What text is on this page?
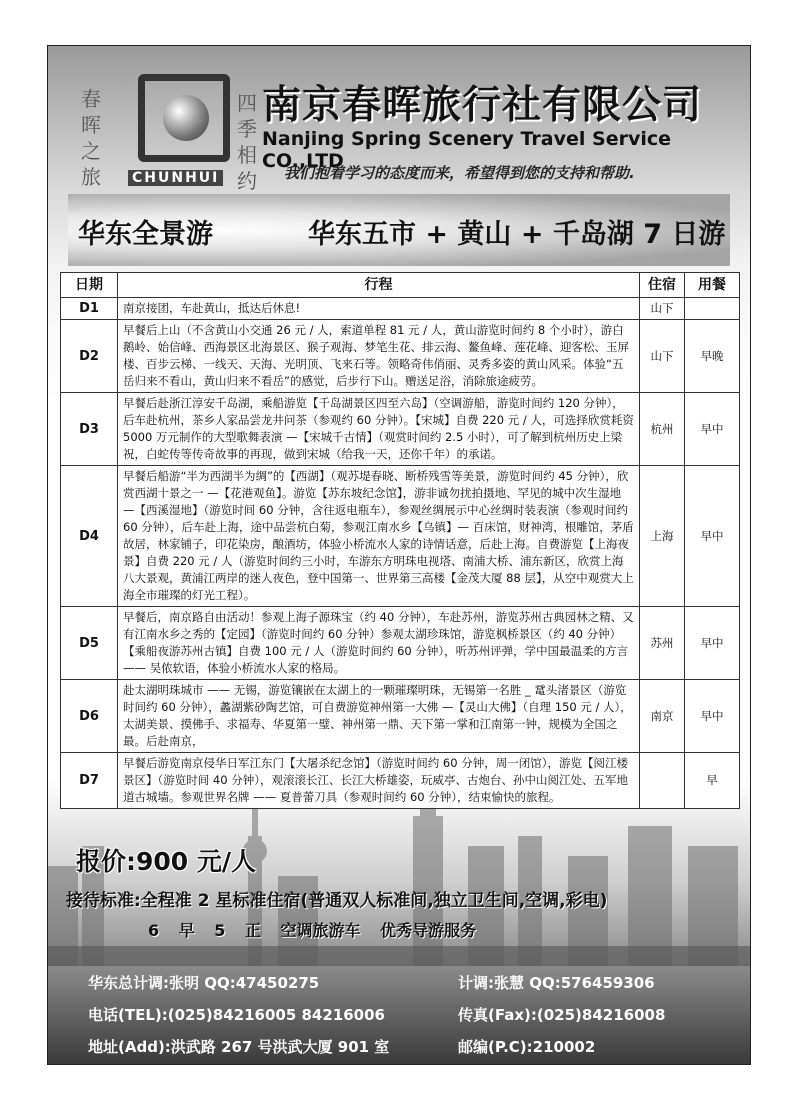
春
晖
之
旅
四
季
相
约
CHUNHUI
南京春晖旅行社有限公司
Nanjing Spring Scenery Travel Service CO.,LTD
我们抱着学习的态度而来，希望得到您的支持和帮助.
华东全景游	华东五市 + 黄山 + 千岛湖 7 日游
日期	行程	住宿	用餐
D1	南京接团，车赴黄山，抵达后休息!	山下	
D2	早餐后上山（不含黄山小交通 26 元 / 人，索道单程 81 元 / 人，黄山游览时间约 8 个小时），游白鹅岭、始信峰、西海景区北海景区、猴子观海、梦笔生花、排云海、鳌鱼峰、莲花峰、迎客松、玉屏楼、百步云梯、一线天、天海、光明顶、飞来石等。领略奇伟俏丽、灵秀多姿的黄山风采。体验“五岳归来不看山，黄山归来不看岳”的感觉，后步行下山。赠送足浴，消除旅途疲劳。	山下	早晚
D3	早餐后赴浙江淳安千岛湖，乘船游览【千岛湖景区四至六岛】（空调游船，游览时间约 120 分钟），后车赴杭州，茶乡人家品尝龙井问茶（参观约 60 分钟）。【宋城】自费 220 元 / 人，可选择欣赏耗资 5000 万元制作的大型歌舞表演 —【宋城千古情】（观赏时间约 2.5 小时），可了解到杭州历史上梁祝，白蛇传等传奇故事的再现，做到宋城（给我一天，还你千年）的承诺。	杭州	早中
D4	早餐后船游“半为西湖半为绸”的【西湖】（观苏堤春晓、断桥残雪等美景，游览时间约 45 分钟），欣赏西湖十景之一 —【花港观鱼】。游览【苏东坡纪念馆】，游非诚勿扰拍摄地、罕见的城中次生湿地 —【西溪湿地】（游览时间 60 分钟，含往返电瓶车），参观丝绸展示中心丝绸时装表演（参观时间约 60 分钟），后车赴上海，途中品尝杭白菊，参观江南水乡【乌镇】— 百床馆，财神湾，根雕馆，茅盾故居，林家铺子，印花染房，酿酒坊，体验小桥流水人家的诗情话意，后赴上海。自费游览【上海夜景】自费 220 元 / 人（游览时间约三小时，车游东方明珠电视塔、南浦大桥、浦东新区，欣赏上海八大景观，黄浦江两岸的迷人夜色，登中国第一、世界第三高楼【金茂大厦 88 层】，从空中观赏大上海全市璀璨的灯光工程）。	上海	早中
D5	早餐后，南京路自由活动！参观上海子源珠宝（约 40 分钟），车赴苏州，游览苏州古典园林之精、又有江南水乡之秀的【定园】（游览时间约 60 分钟）参观太湖珍珠馆，游览枫桥景区（约 40 分钟）【乘船夜游苏州古镇】自费 100 元 / 人（游览时间约 60 分钟），听苏州评弹，学中国最温柔的方言 —— 吴侬软语，体验小桥流水人家的格局。	苏州	早中
D6	赴太湖明珠城市 —— 无锡，游览镶嵌在太湖上的一颗璀璨明珠，无锡第一名胜 _ 鼋头渚景区（游览时间约 60 分钟），蠡湖紫砂陶艺馆，可自费游览神州第一大佛 —【灵山大佛】（自理 150 元 / 人），太湖美景、摸佛手、求福寿、华夏第一璧、神州第一鼎、天下第一掌和江南第一钟，规模为全国之最。后赴南京，	南京	早中
D7	早餐后游览南京侵华日军江东门【大屠杀纪念馆】（游览时间约 60 分钟，周一闭馆），游览【阅江楼景区】（游览时间 40 分钟），观滚滚长江、长江大桥雄姿，玩威亭、古炮台、孙中山阅江处、五军地道古城墙。参观世界名牌 —— 夏普蕾刀具（参观时间约 60 分钟），结束愉快的旅程。		早
报价:900 元/人
接待标准:全程准 2 星标准住宿(普通双人标准间,独立卫生间,空调,彩电)
6 早 5 正 空调旅游车 优秀导游服务
华东总计调:张明 QQ:47450275	计调:张慧 QQ:576459306
电话(TEL):(025)84216005 84216006	传真(Fax):(025)84216008
地址(Add):洪武路 267 号洪武大厦 901 室	邮编(P.C):210002
